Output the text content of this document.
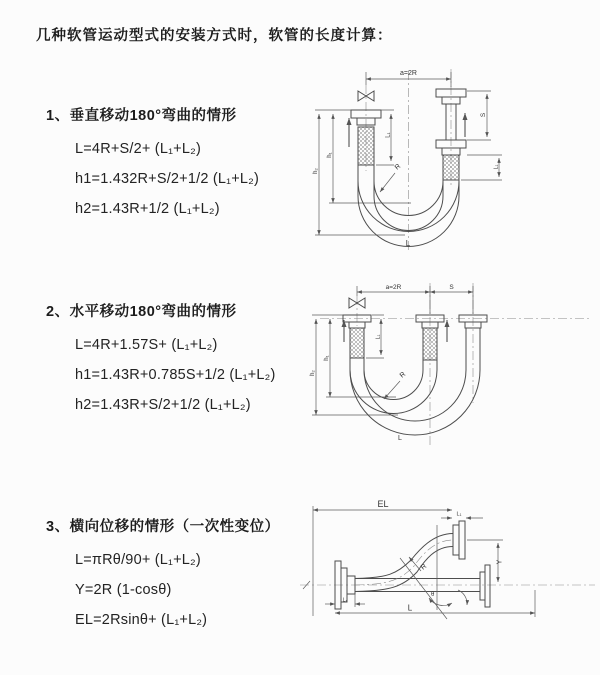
几种软管运动型式的安装方式时，软管的长度计算：
1、垂直移动180°弯曲的情形
L=4R+S/2+ (L₁+L₂)
h1=1.432R+S/2+1/2 (L₁+L₂)
h2=1.43R+1/2 (L₁+L₂)
a=2R
L₁
S
L₁
h₁
h₂	R
L
2、水平移动180°弯曲的情形
L=4R+1.57S+ (L₁+L₂)
h1=1.43R+0.785S+1/2 (L₁+L₂)
h2=1.43R+S/2+1/2 (L₁+L₂)
a=2R	S
L₁
h₁
h₂	R
L
3、横向位移的情形（一次性变位）
L=πRθ/90+ (L₁+L₂)
Y=2R (1-cosθ)
EL=2Rsinθ+ (L₁+L₂)
EL
L₁
Y
θ
R
L₁
L
